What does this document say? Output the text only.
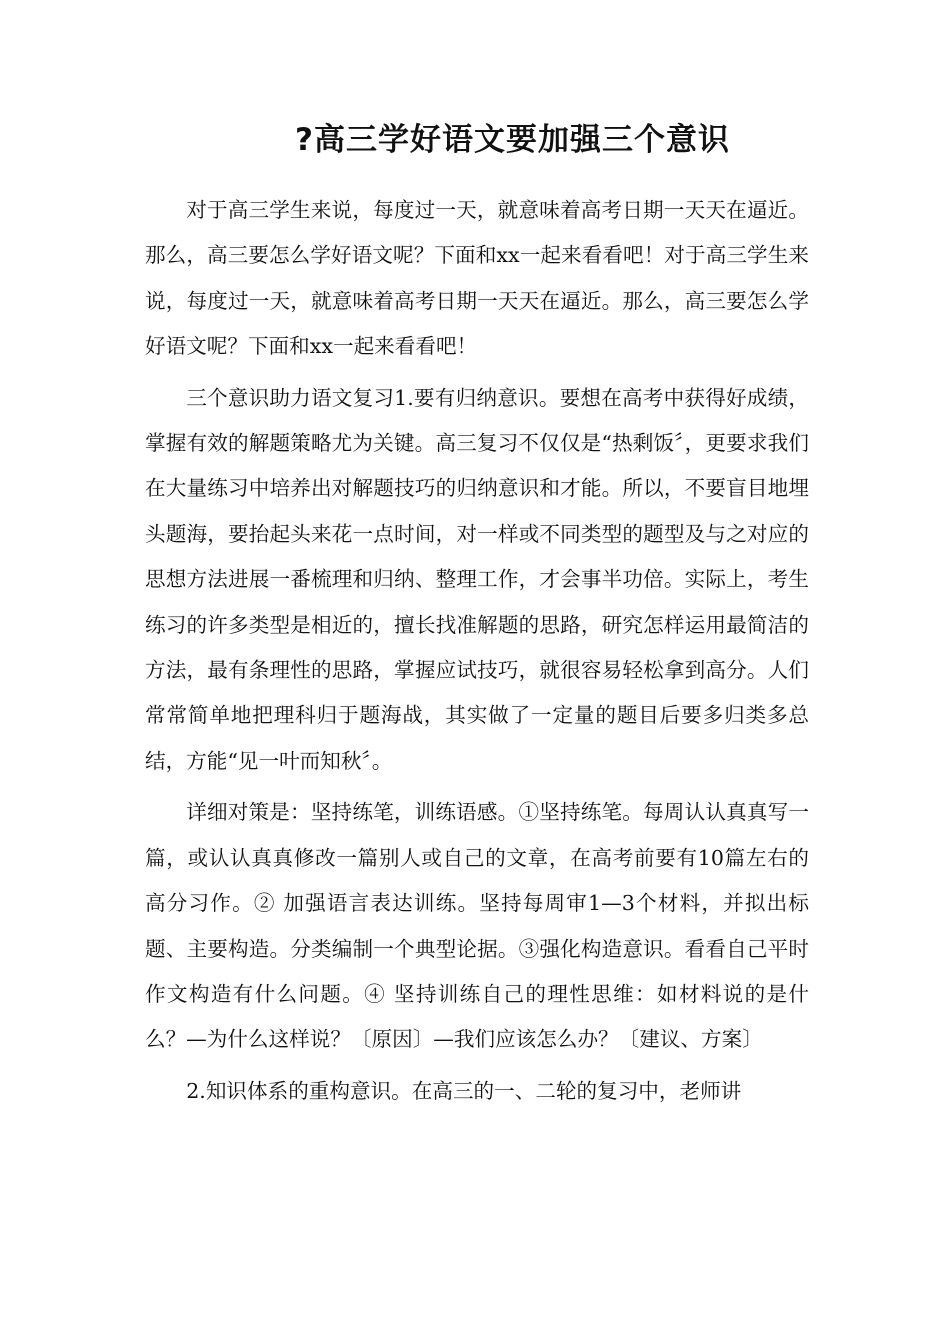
?高三学好语文要加强三个意识

对于高三学生来说，每度过一天，就意味着高考日期一天天在逼近。那么，高三要怎么学好语文呢？下面和xx一起来看看吧！对于高三学生来说，每度过一天，就意味着高考日期一天天在逼近。那么，高三要怎么学好语文呢？下面和xx一起来看看吧！

三个意识助力语文复习1.要有归纳意识。要想在高考中获得好成绩，掌握有效的解题策略尤为关键。高三复习不仅仅是“热剩饭〞，更要求我们在大量练习中培养出对解题技巧的归纳意识和才能。所以，不要盲目地埋头题海，要抬起头来花一点时间，对一样或不同类型的题型及与之对应的思想方法进展一番梳理和归纳、整理工作，才会事半功倍。实际上，考生练习的许多类型是相近的，擅长找准解题的思路，研究怎样运用最简洁的方法，最有条理性的思路，掌握应试技巧，就很容易轻松拿到高分。人们常常简单地把理科归于题海战，其实做了一定量的题目后要多归类多总结，方能“见一叶而知秋〞。

详细对策是：坚持练笔，训练语感。①坚持练笔。每周认认真真写一篇，或认认真真修改一篇别人或自己的文章，在高考前要有10篇左右的高分习作。② 加强语言表达训练。坚持每周审1—3个材料，并拟出标题、主要构造。分类编制一个典型论据。③强化构造意识。看看自己平时作文构造有什么问题。④ 坚持训练自己的理性思维：如材料说的是什么？—为什么这样说？〔原因〕—我们应该怎么办？〔建议、方案〕

2.知识体系的重构意识。在高三的一、二轮的复习中，老师讲
